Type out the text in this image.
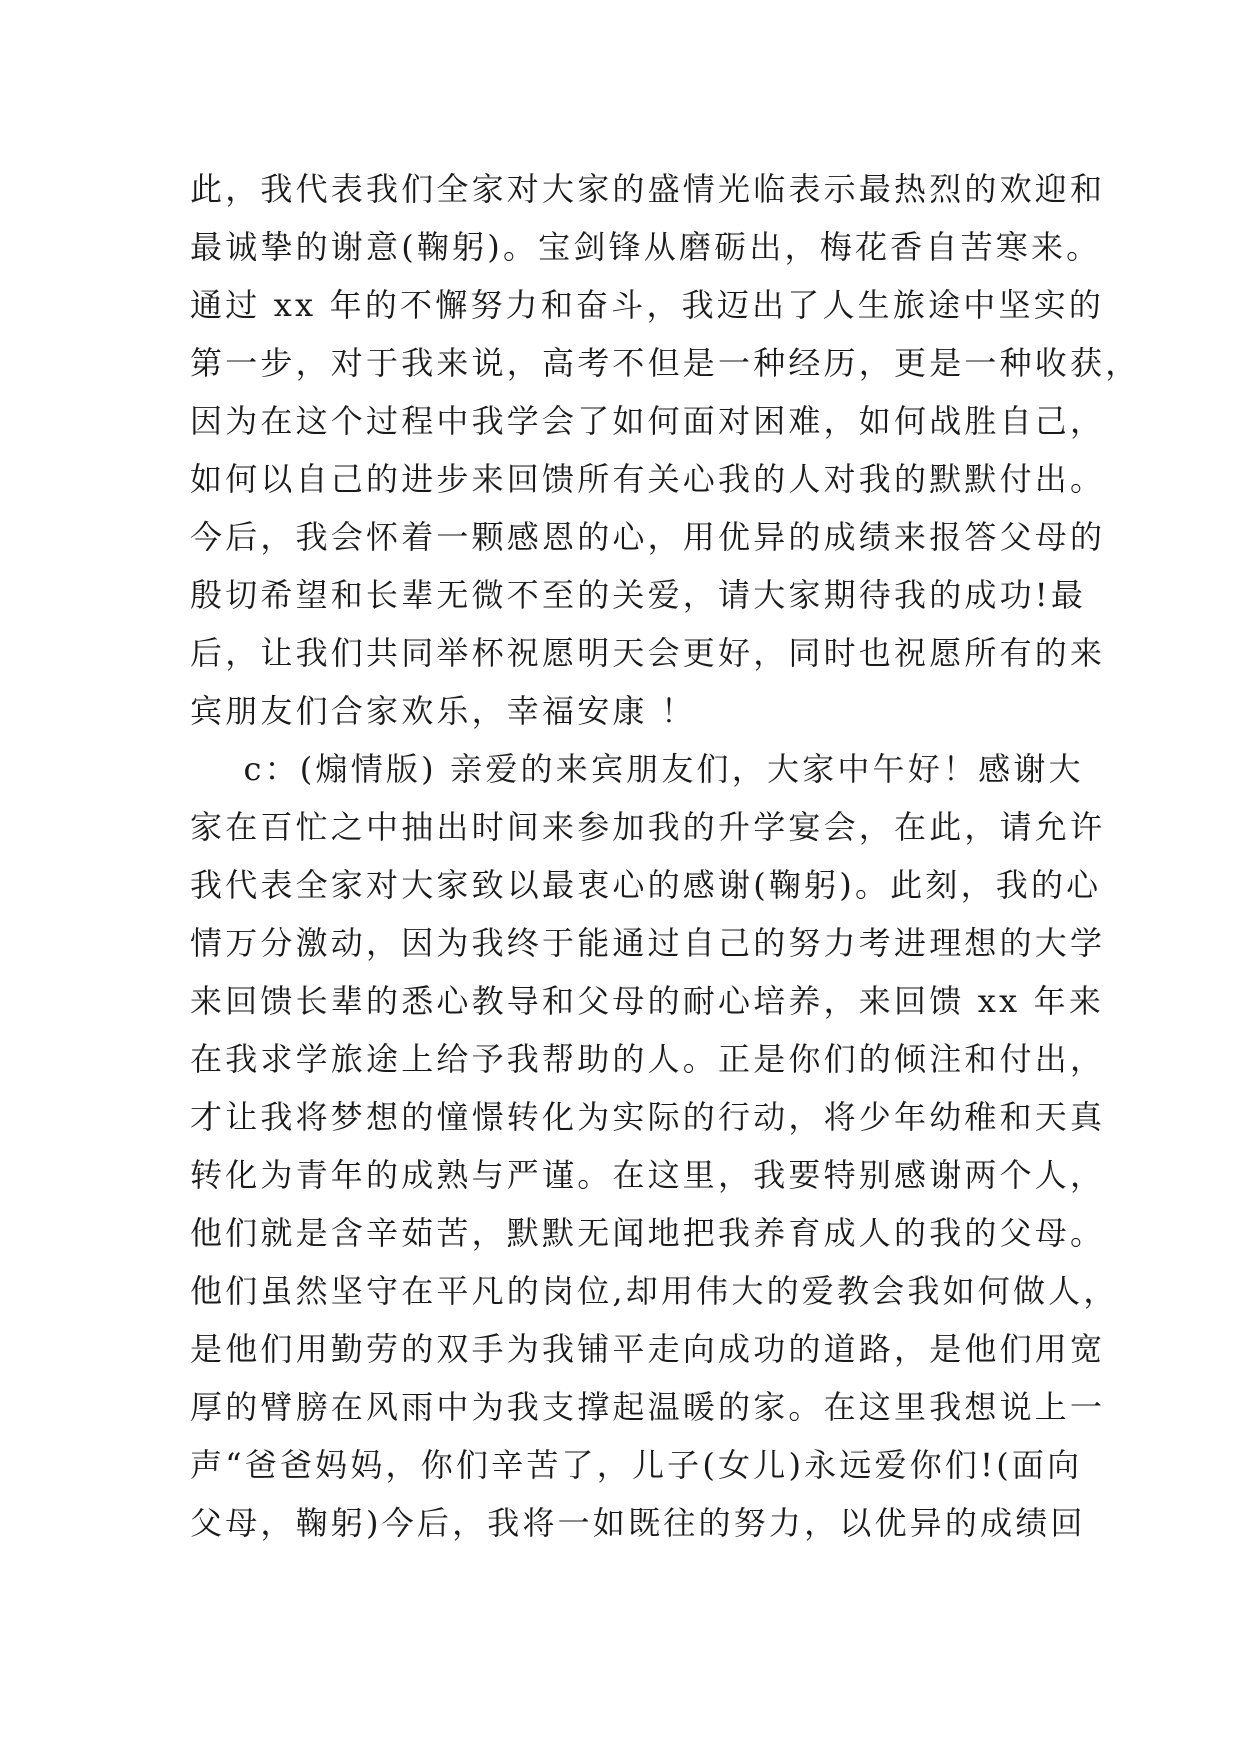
此，我代表我们全家对大家的盛情光临表示最热烈的欢迎和
最诚挚的谢意(鞠躬)。宝剑锋从磨砺出，梅花香自苦寒来。
通过 xx 年的不懈努力和奋斗，我迈出了人生旅途中坚实的
第一步，对于我来说，高考不但是一种经历，更是一种收获，
因为在这个过程中我学会了如何面对困难，如何战胜自己，
如何以自己的进步来回馈所有关心我的人对我的默默付出。
今后，我会怀着一颗感恩的心，用优异的成绩来报答父母的
殷切希望和长辈无微不至的关爱，请大家期待我的成功!最
后，让我们共同举杯祝愿明天会更好，同时也祝愿所有的来
宾朋友们合家欢乐，幸福安康 ！
c：(煽情版) 亲爱的来宾朋友们，大家中午好！感谢大
家在百忙之中抽出时间来参加我的升学宴会，在此，请允许
我代表全家对大家致以最衷心的感谢(鞠躬)。此刻，我的心
情万分激动，因为我终于能通过自己的努力考进理想的大学
来回馈长辈的悉心教导和父母的耐心培养，来回馈 xx 年来
在我求学旅途上给予我帮助的人。正是你们的倾注和付出，
才让我将梦想的憧憬转化为实际的行动，将少年幼稚和天真
转化为青年的成熟与严谨。在这里，我要特别感谢两个人，
他们就是含辛茹苦，默默无闻地把我养育成人的我的父母。
他们虽然坚守在平凡的岗位,却用伟大的爱教会我如何做人，
是他们用勤劳的双手为我铺平走向成功的道路，是他们用宽
厚的臂膀在风雨中为我支撑起温暖的家。在这里我想说上一
声“爸爸妈妈，你们辛苦了，儿子(女儿)永远爱你们!(面向
父母，鞠躬)今后，我将一如既往的努力，以优异的成绩回
